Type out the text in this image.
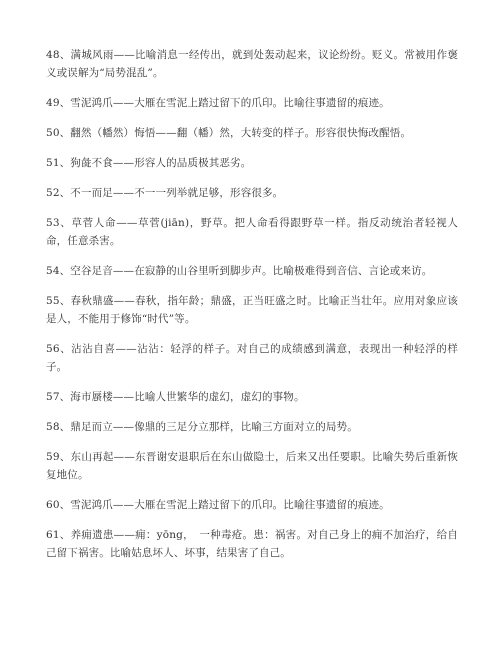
48、满城风雨——比喻消息一经传出，就到处轰动起来，议论纷纷。贬义。常被用作褒义或误解为“局势混乱”。

49、雪泥鸿爪——大雁在雪泥上踏过留下的爪印。比喻往事遗留的痕迹。

50、翻然（幡然）悔悟——翻（幡）然，大转变的样子。形容很快悔改醒悟。

51、狗彘不食——形容人的品质极其恶劣。

52、不一而足——不一一列举就足够，形容很多。

53、草菅人命——草菅(jiān)，野草。把人命看得跟野草一样。指反动统治者轻视人命，任意杀害。

54、空谷足音——在寂静的山谷里听到脚步声。比喻极难得到音信、言论或来访。

55、春秋鼎盛——春秋，指年龄；鼎盛，正当旺盛之时。比喻正当壮年。应用对象应该是人，不能用于修饰“时代”等。

56、沾沾自喜——沾沾：轻浮的样子。对自己的成绩感到满意，表现出一种轻浮的样子。

57、海市蜃楼——比喻人世繁华的虚幻，虚幻的事物。

58、鼎足而立——像鼎的三足分立那样，比喻三方面对立的局势。

59、东山再起——东晋谢安退职后在东山做隐士，后来又出任要职。比喻失势后重新恢复地位。

60、雪泥鸿爪——大雁在雪泥上踏过留下的爪印。比喻往事遗留的痕迹。

61、养痈遗患——痈：yōng，　一种毒疮。患：祸害。对自己身上的痈不加治疗，给自己留下祸害。比喻姑息坏人、坏事，结果害了自己。
